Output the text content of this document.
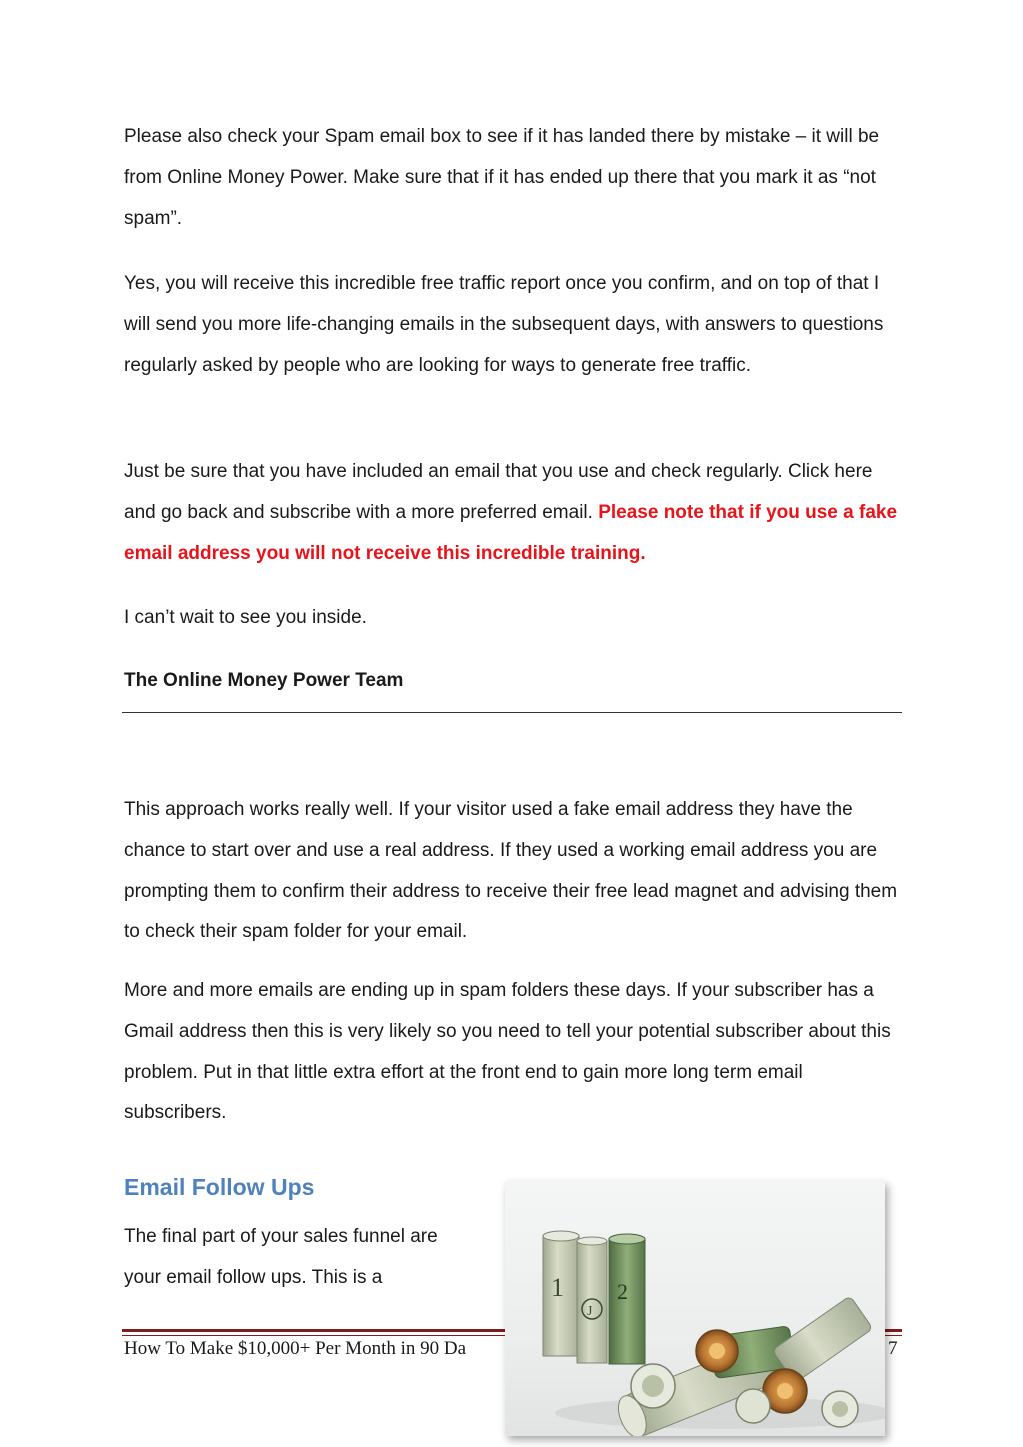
Please also check your Spam email box to see if it has landed there by mistake – it will be from Online Money Power. Make sure that if it has ended up there that you mark it as “not spam”.

Yes, you will receive this incredible free traffic report once you confirm, and on top of that I will send you more life-changing emails in the subsequent days, with answers to questions regularly asked by people who are looking for ways to generate free traffic.

Just be sure that you have included an email that you use and check regularly. Click here and go back and subscribe with a more preferred email. Please note that if you use a fake email address you will not receive this incredible training.

I can’t wait to see you inside.

The Online Money Power Team

This approach works really well. If your visitor used a fake email address they have the chance to start over and use a real address. If they used a working email address you are prompting them to confirm their address to receive their free lead magnet and advising them to check their spam folder for your email.

More and more emails are ending up in spam folders these days. If your subscriber has a Gmail address then this is very likely so you need to tell your potential subscriber about this problem. Put in that little extra effort at the front end to gain more long term email subscribers.

Email Follow Ups

The final part of your sales funnel are

your email follow ups. This is a

How To Make $10,000+ Per Month in 90 Da	7
1
J
2
